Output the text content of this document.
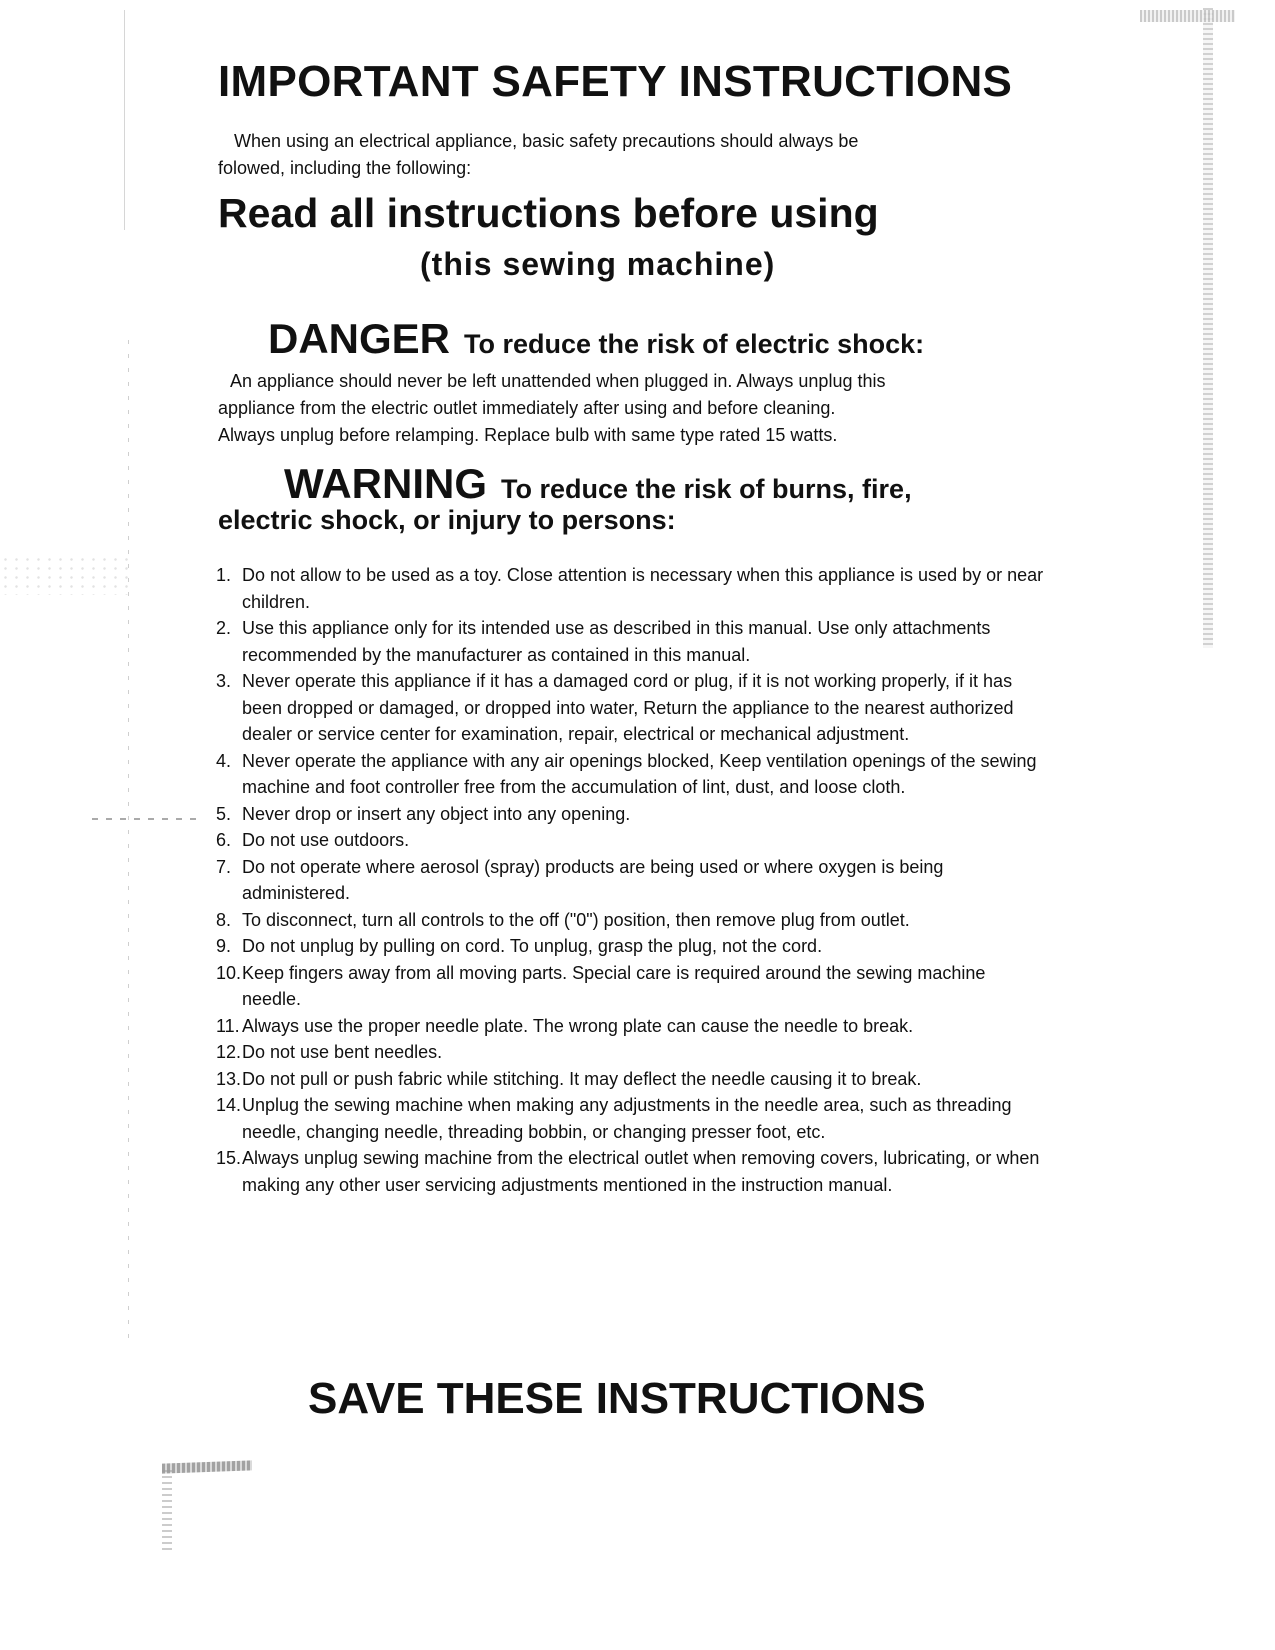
IMPORTANT SAFETY INSTRUCTIONS
When using an electrical appliance, basic safety precautions should always be
folowed, including the following:
Read all instructions before using
(this sewing machine)
DANGER To reduce the risk of electric shock:
An appliance should never be left unattended when plugged in. Always unplug this
appliance from the electric outlet immediately after using and before cleaning.
Always unplug before relamping. Replace bulb with same type rated 15 watts.
WARNING To reduce the risk of burns, fire,
electric shock, or injury to persons:
1. Do not allow to be used as a toy. Close attention is necessary when this appliance is used by or near children.
2. Use this appliance only for its intended use as described in this manual. Use only attachments recommended by the manufacturer as contained in this manual.
3. Never operate this appliance if it has a damaged cord or plug, if it is not working properly, if it has been dropped or damaged, or dropped into water, Return the appliance to the nearest authorized dealer or service center for examination, repair, electrical or mechanical adjustment.
4. Never operate the appliance with any air openings blocked, Keep ventilation openings of the sewing machine and foot controller free from the accumulation of lint, dust, and loose cloth.
5. Never drop or insert any object into any opening.
6. Do not use outdoors.
7. Do not operate where aerosol (spray) products are being used or where oxygen is being administered.
8. To disconnect, turn all controls to the off ("0") position, then remove plug from outlet.
9. Do not unplug by pulling on cord. To unplug, grasp the plug, not the cord.
10. Keep fingers away from all moving parts. Special care is required around the sewing machine needle.
11. Always use the proper needle plate. The wrong plate can cause the needle to break.
12. Do not use bent needles.
13. Do not pull or push fabric while stitching. It may deflect the needle causing it to break.
14. Unplug the sewing machine when making any adjustments in the needle area, such as threading needle, changing needle, threading bobbin, or changing presser foot, etc.
15. Always unplug sewing machine from the electrical outlet when removing covers, lubricating, or when making any other user servicing adjustments mentioned in the instruction manual.
SAVE THESE INSTRUCTIONS
